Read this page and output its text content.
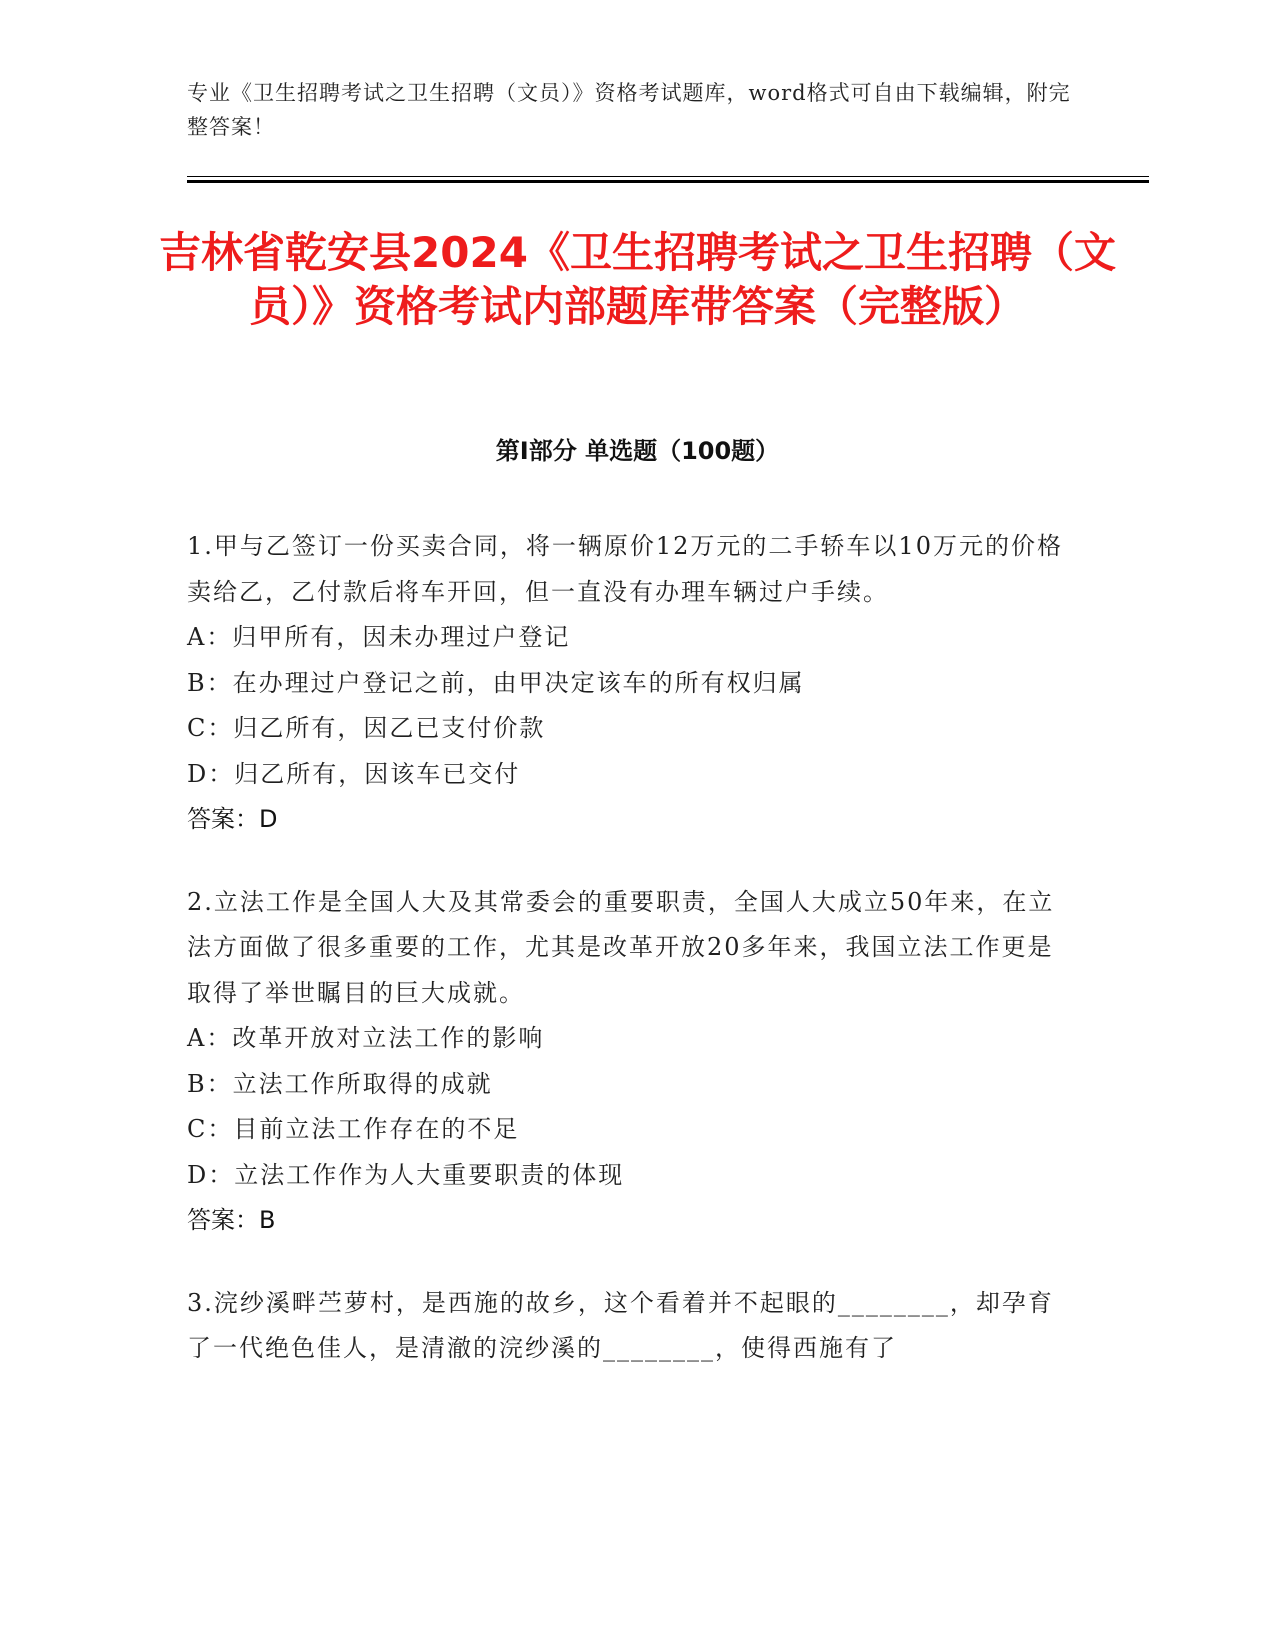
专业《卫生招聘考试之卫生招聘（文员）》资格考试题库，word格式可自由下载编辑，附完整答案！
吉林省乾安县2024《卫生招聘考试之卫生招聘（文员）》资格考试内部题库带答案（完整版）
第Ⅰ部分 单选题（100题）

1.甲与乙签订一份买卖合同，将一辆原价12万元的二手轿车以10万元的价格卖给乙，乙付款后将车开回，但一直没有办理车辆过户手续。

A：归甲所有，因未办理过户登记

B：在办理过户登记之前，由甲决定该车的所有权归属

C：归乙所有，因乙已支付价款

D：归乙所有，因该车已交付

答案：D

2.立法工作是全国人大及其常委会的重要职责，全国人大成立50年来，在立法方面做了很多重要的工作，尤其是改革开放20多年来，我国立法工作更是取得了举世瞩目的巨大成就。

A：改革开放对立法工作的影响

B：立法工作所取得的成就

C：目前立法工作存在的不足

D：立法工作作为人大重要职责的体现

答案：B

3.浣纱溪畔苎萝村，是西施的故乡，这个看着并不起眼的________，却孕育了一代绝色佳人，是清澈的浣纱溪的________，使得西施有了
